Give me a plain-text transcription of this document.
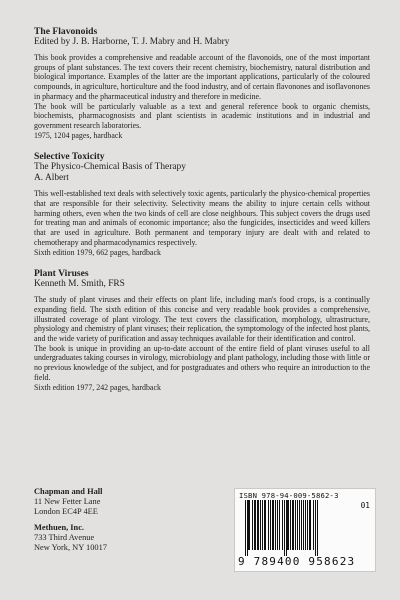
The Flavonoids
Edited by J. B. Harborne, T. J. Mabry and H. Mabry

This book provides a comprehensive and readable account of the flavonoids, one of the most important groups of plant substances. The text covers their recent chemistry, biochemistry, natural distribution and biological importance. Examples of the latter are the important applications, particularly of the coloured compounds, in agriculture, horticulture and the food industry, and of certain flavonones and isoflavonones in pharmacy and the pharmaceutical industry and therefore in medicine.

The book will be particularly valuable as a text and general reference book to organic chemists, biochemists, pharmacognosists and plant scientists in academic institutions and in industrial and government research laboratories.

1975, 1204 pages, hardback
Selective Toxicity
The Physico-Chemical Basis of Therapy
A. Albert

This well-established text deals with selectively toxic agents, particularly the physico-chemical properties that are responsible for their selectivity. Selectivity means the ability to injure certain cells without harming others, even when the two kinds of cell are close neighbours. This subject covers the drugs used for treating man and animals of economic importance; also the fungicides, insecticides and weed killers that are used in agriculture. Both permanent and temporary injury are dealt with and related to chemotherapy and pharmacodynamics respectively.

Sixth edition 1979, 662 pages, hardback
Plant Viruses
Kenneth M. Smith, FRS

The study of plant viruses and their effects on plant life, including man's food crops, is a continually expanding field. The sixth edition of this concise and very readable book provides a comprehensive, illustrated coverage of plant virology. The text covers the classification, morphology, ultrastructure, physiology and chemistry of plant viruses; their replication, the symptomology of the infected host plants, and the wide variety of purification and assay techniques available for their identification and control.

The book is unique in providing an up-to-date account of the entire field of plant viruses useful to all undergraduates taking courses in virology, microbiology and plant pathology, including those with little or no previous knowledge of the subject, and for postgraduates and others who require an introduction to the field.

Sixth edition 1977, 242 pages, hardback
Chapman and Hall
11 New Fetter Lane
London EC4P 4EE
Methuen, Inc.
733 Third Avenue
New York, NY 10017
ISBN 978-94-009-5862-3
01
9 789400 958623
